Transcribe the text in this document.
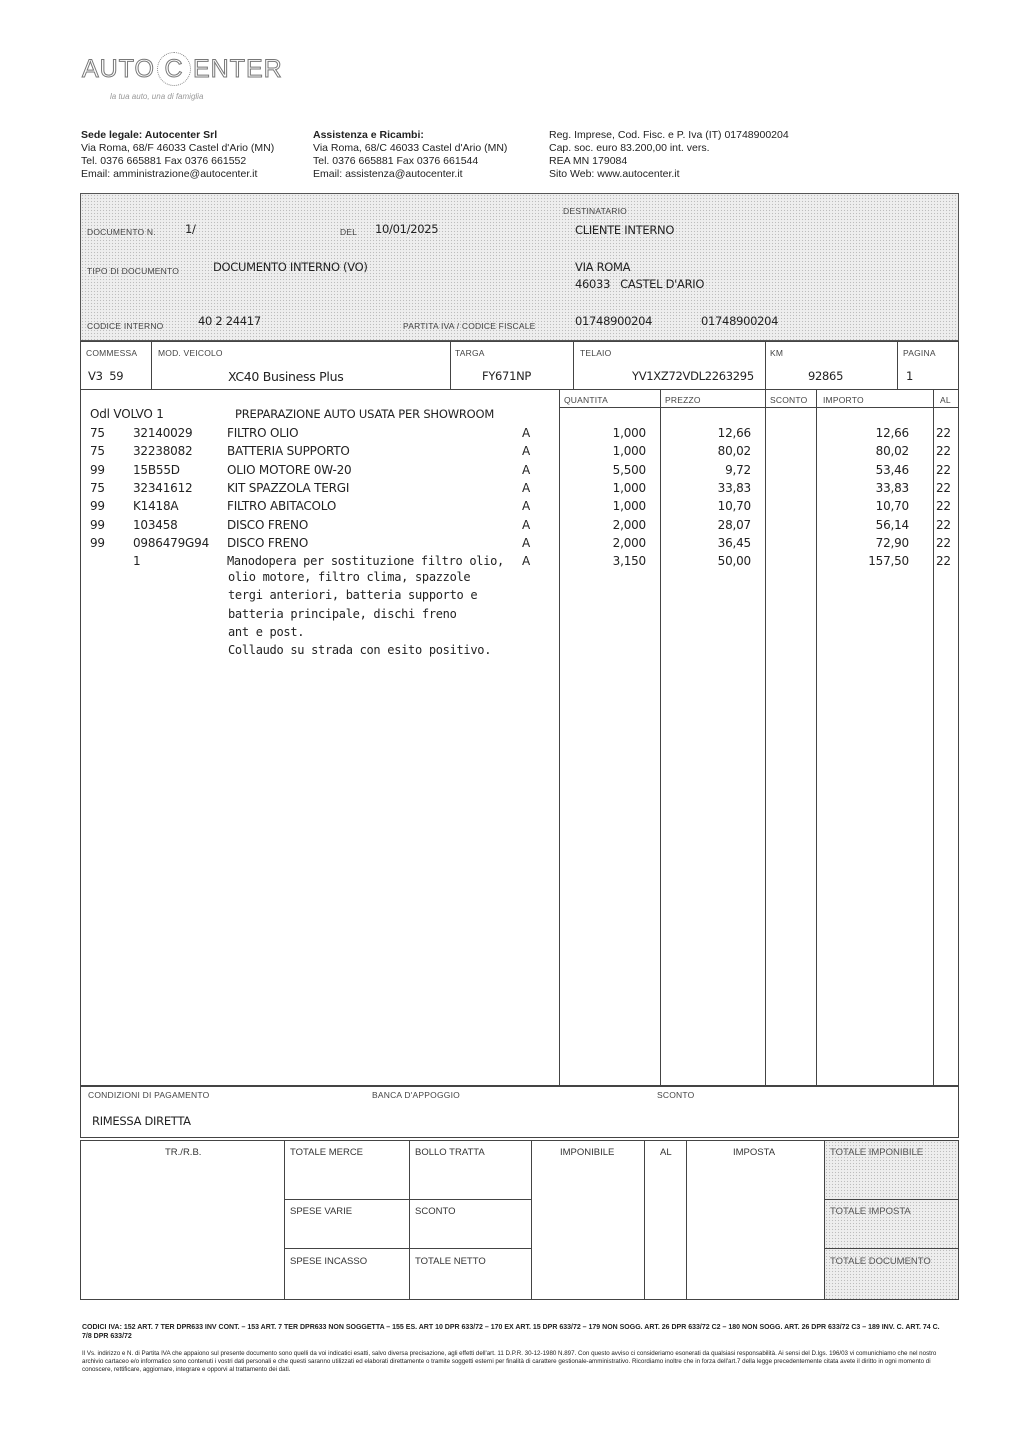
AUTO C ENTER
la tua auto, una di famiglia
Sede legale: Autocenter Srl
Via Roma, 68/F 46033 Castel d'Ario (MN)
Tel. 0376 665881 Fax 0376 661552
Email: amministrazione@autocenter.it
Assistenza e Ricambi:
Via Roma, 68/C 46033 Castel d'Ario (MN)
Tel. 0376 665881 Fax 0376 661544
Email: assistenza@autocenter.it
Reg. Imprese, Cod. Fisc. e P. Iva (IT) 01748900204
Cap. soc. euro 83.200,00 int. vers.
REA MN 179084
Sito Web: www.autocenter.it
DOCUMENTO N.	1/	DEL 10/01/2025
TIPO DI DOCUMENTO	DOCUMENTO INTERNO (VO)
CODICE INTERNO	40 2 24417	PARTITA IVA / CODICE FISCALE
DESTINATARIO
CLIENTE INTERNO
VIA ROMA
46033   CASTEL D'ARIO
01748900204	01748900204
COMMESSA
V3  59
MOD. VEICOLO
XC40 Business Plus
TARGA
FY671NP
TELAIO
YV1XZ72VDL2263295
KM
92865
PAGINA
1
QUANTITA	PREZZO	SCONTO IMPORTO	AL
Odl VOLVO 1	PREPARAZIONE AUTO USATA PER SHOWROOM
75 32140029	FILTRO OLIO	A	1,000	12,66	12,66 22
75 32238082	BATTERIA SUPPORTO	A	1,000	80,02	80,02 22
99 15B55D	OLIO MOTORE 0W-20	A	5,500	9,72	53,46 22
75 32341612	KIT SPAZZOLA TERGI	A	1,000	33,83	33,83 22
99 K1418A	FILTRO ABITACOLO	A	1,000	10,70	10,70 22
99 103458	DISCO FRENO	A	2,000	28,07	56,14 22
99 0986479G94 DISCO FRENO	A	2,000	36,45	72,90 22
1	Manodopera per sostituzione filtro olio, A	3,150	50,00	157,50 22
olio motore, filtro clima, spazzole
tergi anteriori, batteria supporto e
batteria principale, dischi freno
ant e post.
Collaudo su strada con esito positivo.
CONDIZIONI DI PAGAMENTO
RIMESSA DIRETTA
BANCA D'APPOGGIO	SCONTO
TR./R.B.	TOTALE MERCE	BOLLO TRATTA
SPESE VARIE	SCONTO
SPESE INCASSO	TOTALE NETTO
IMPONIBILE	AL	IMPOSTA	TOTALE IMPONIBILE
TOTALE IMPOSTA
TOTALE DOCUMENTO
CODICI IVA: 152 ART. 7 TER DPR633 INV CONT. – 153 ART. 7 TER DPR633 NON SOGGETTA – 155 ES. ART 10 DPR 633/72 – 170 EX ART. 15 DPR 633/72 – 179 NON SOGG. ART. 26 DPR 633/72 C2 – 180 NON SOGG. ART. 26 DPR 633/72 C3 – 189 INV. C. ART. 74 C. 7/8 DPR 633/72
Il Vs. indirizzo e N. di Partita IVA che appaiono sul presente documento sono quelli da voi indicatici esatti, salvo diversa precisazione, agli effetti dell'art. 11 D.P.R. 30-12-1980 N.897. Con questo avviso ci consideriamo esonerati da qualsiasi responsabilità. Ai sensi del D.lgs. 196/03 vi comunichiamo che nel nostro archivio cartaceo e/o informatico sono contenuti i vostri dati personali e che questi saranno utilizzati ed elaborati direttamente o tramite soggetti esterni per finalità di carattere gestionale-amministrativo. Ricordiamo inoltre che in forza dell'art.7 della legge precedentemente citata avete il diritto in ogni momento di conoscere, rettificare, aggiornare, integrare e opporvi al trattamento dei dati.
